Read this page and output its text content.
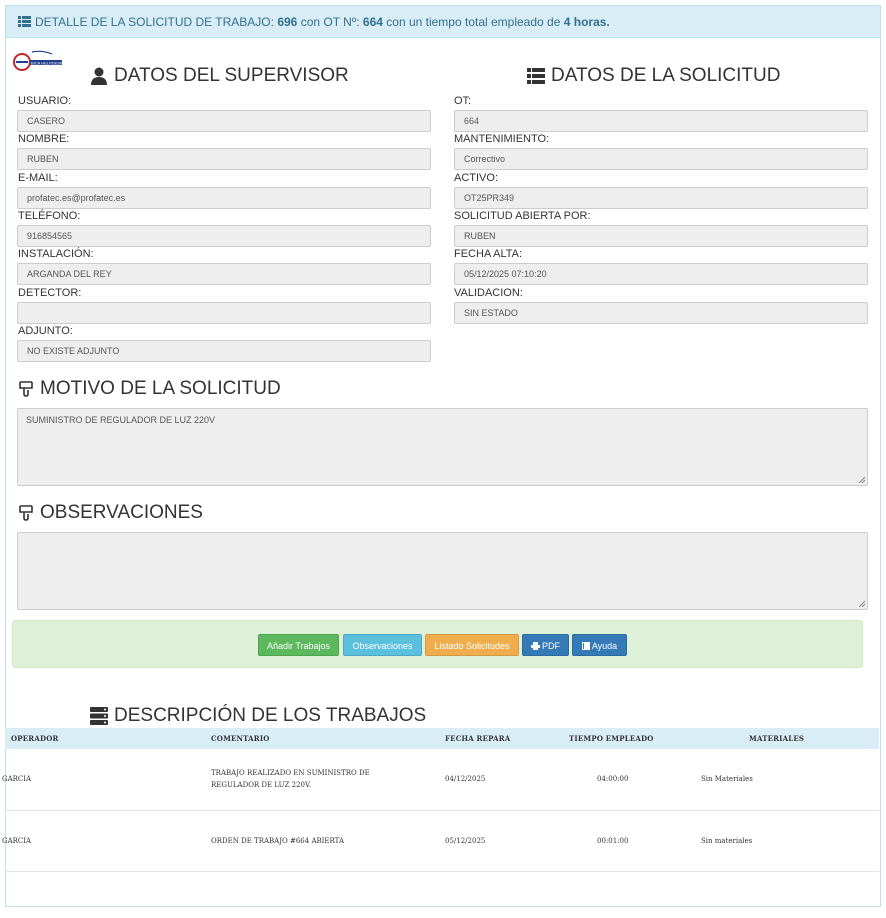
DETALLE DE LA SOLICITUD DE TRABAJO: 696 con OT Nº: 664 con un tiempo total empleado de 4 horas.
BICA HELPDESK
DATOS DEL SUPERVISOR
USUARIO:
CASERO
NOMBRE:
RUBEN
E-MAIL:
profatec.es@profatec.es
TELÉFONO:
916854565
INSTALACIÓN:
ARGANDA DEL REY
DETECTOR:
ADJUNTO:
NO EXISTE ADJUNTO
DATOS DE LA SOLICITUD
OT:
664
MANTENIMIENTO:
Correctivo
ACTIVO:
OT25PR349
SOLICITUD ABIERTA POR:
RUBEN
FECHA ALTA:
05/12/2025 07:10:20
VALIDACION:
SIN ESTADO
MOTIVO DE LA SOLICITUD
SUMINISTRO DE REGULADOR DE LUZ 220V
OBSERVACIONES
Añadir Trabajos	Observaciones	Listado Solicitudes	PDF	Ayuda
DESCRIPCIÓN DE LOS TRABAJOS
OPERADOR	COMENTARIO	FECHA REPARA	TIEMPO EMPLEADO	MATERIALES
GARCIA	TRABAJO REALIZADO EN SUMINISTRO DE REGULADOR DE LUZ 220V.	04/12/2025	04:00:00	Sin Materiales
GARCIA	ORDEN DE TRABAJO #664 ABIERTA	05/12/2025	00:01:00	Sin materiales
